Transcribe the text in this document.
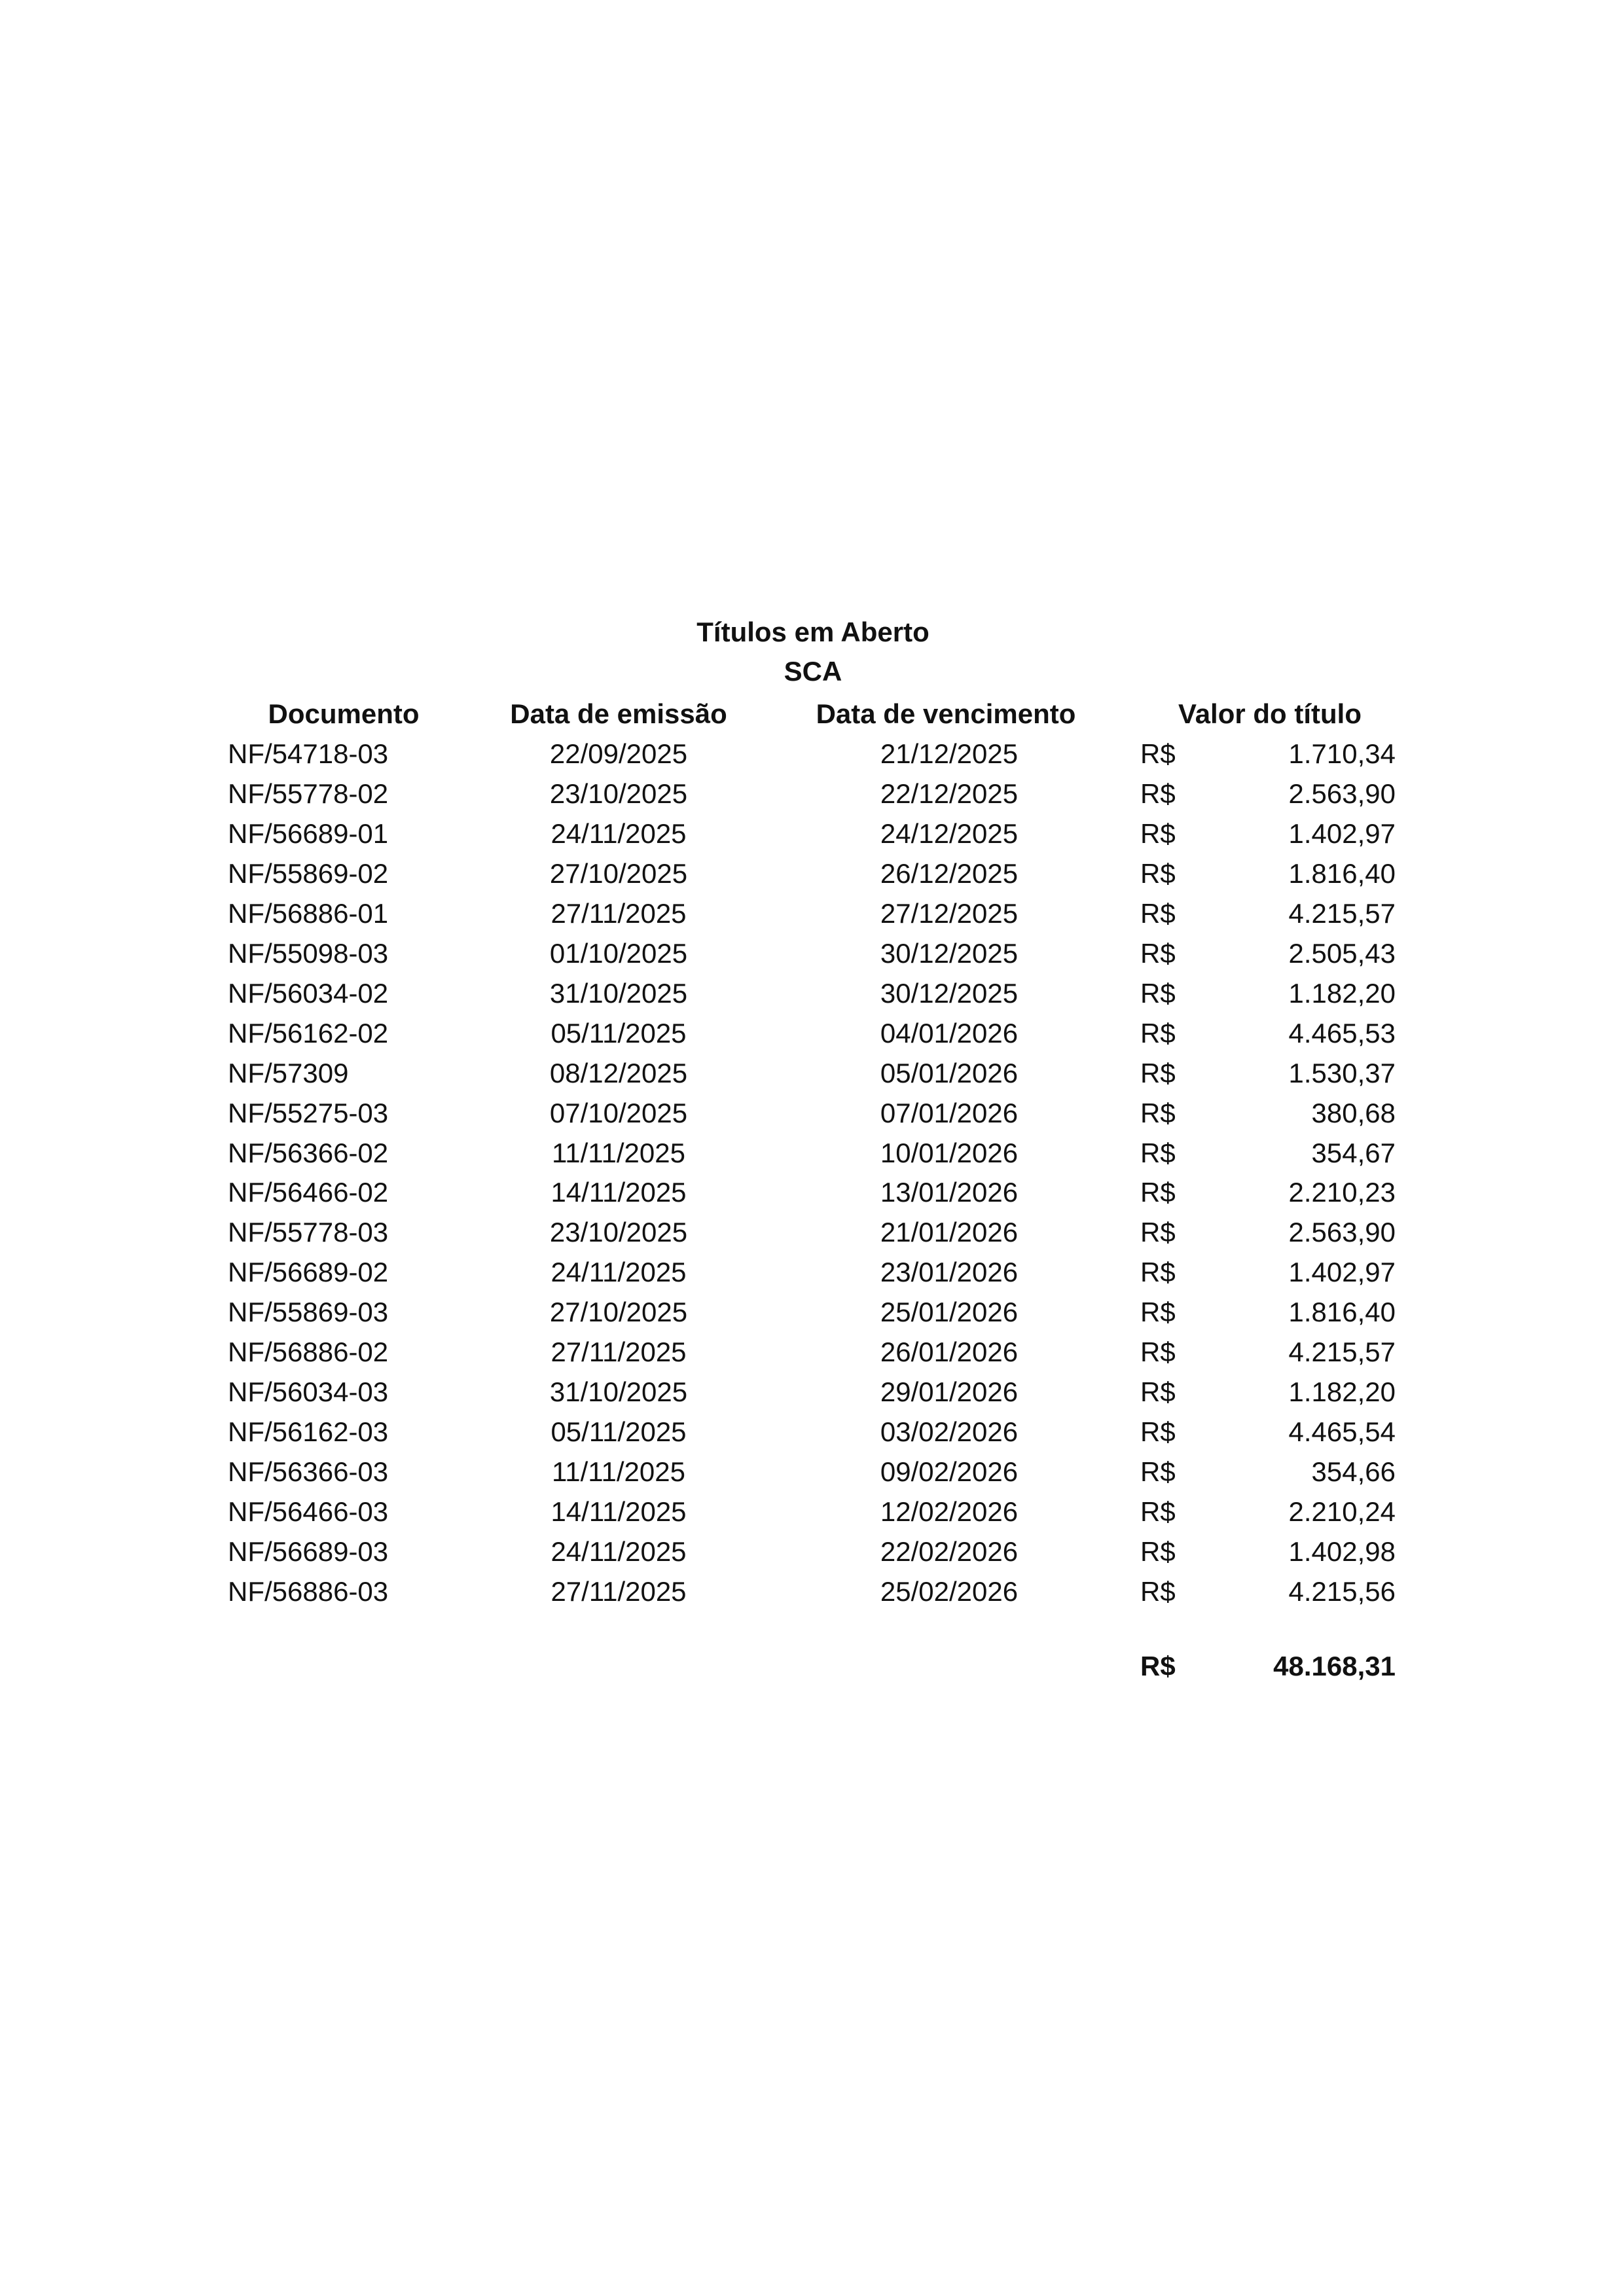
Títulos em Aberto SCA
Documento	Data de emissão	Data de vencimento	Valor do título
NF/54718-03	22/09/2025	21/12/2025	R$	1.710,34
NF/55778-02	23/10/2025	22/12/2025	R$	2.563,90
NF/56689-01	24/11/2025	24/12/2025	R$	1.402,97
NF/55869-02	27/10/2025	26/12/2025	R$	1.816,40
NF/56886-01	27/11/2025	27/12/2025	R$	4.215,57
NF/55098-03	01/10/2025	30/12/2025	R$	2.505,43
NF/56034-02	31/10/2025	30/12/2025	R$	1.182,20
NF/56162-02	05/11/2025	04/01/2026	R$	4.465,53
NF/57309	08/12/2025	05/01/2026	R$	1.530,37
NF/55275-03	07/10/2025	07/01/2026	R$	380,68
NF/56366-02	11/11/2025	10/01/2026	R$	354,67
NF/56466-02	14/11/2025	13/01/2026	R$	2.210,23
NF/55778-03	23/10/2025	21/01/2026	R$	2.563,90
NF/56689-02	24/11/2025	23/01/2026	R$	1.402,97
NF/55869-03	27/10/2025	25/01/2026	R$	1.816,40
NF/56886-02	27/11/2025	26/01/2026	R$	4.215,57
NF/56034-03	31/10/2025	29/01/2026	R$	1.182,20
NF/56162-03	05/11/2025	03/02/2026	R$	4.465,54
NF/56366-03	11/11/2025	09/02/2026	R$	354,66
NF/56466-03	14/11/2025	12/02/2026	R$	2.210,24
NF/56689-03	24/11/2025	22/02/2026	R$	1.402,98
NF/56886-03	27/11/2025	25/02/2026	R$	4.215,56
R$	48.168,31
